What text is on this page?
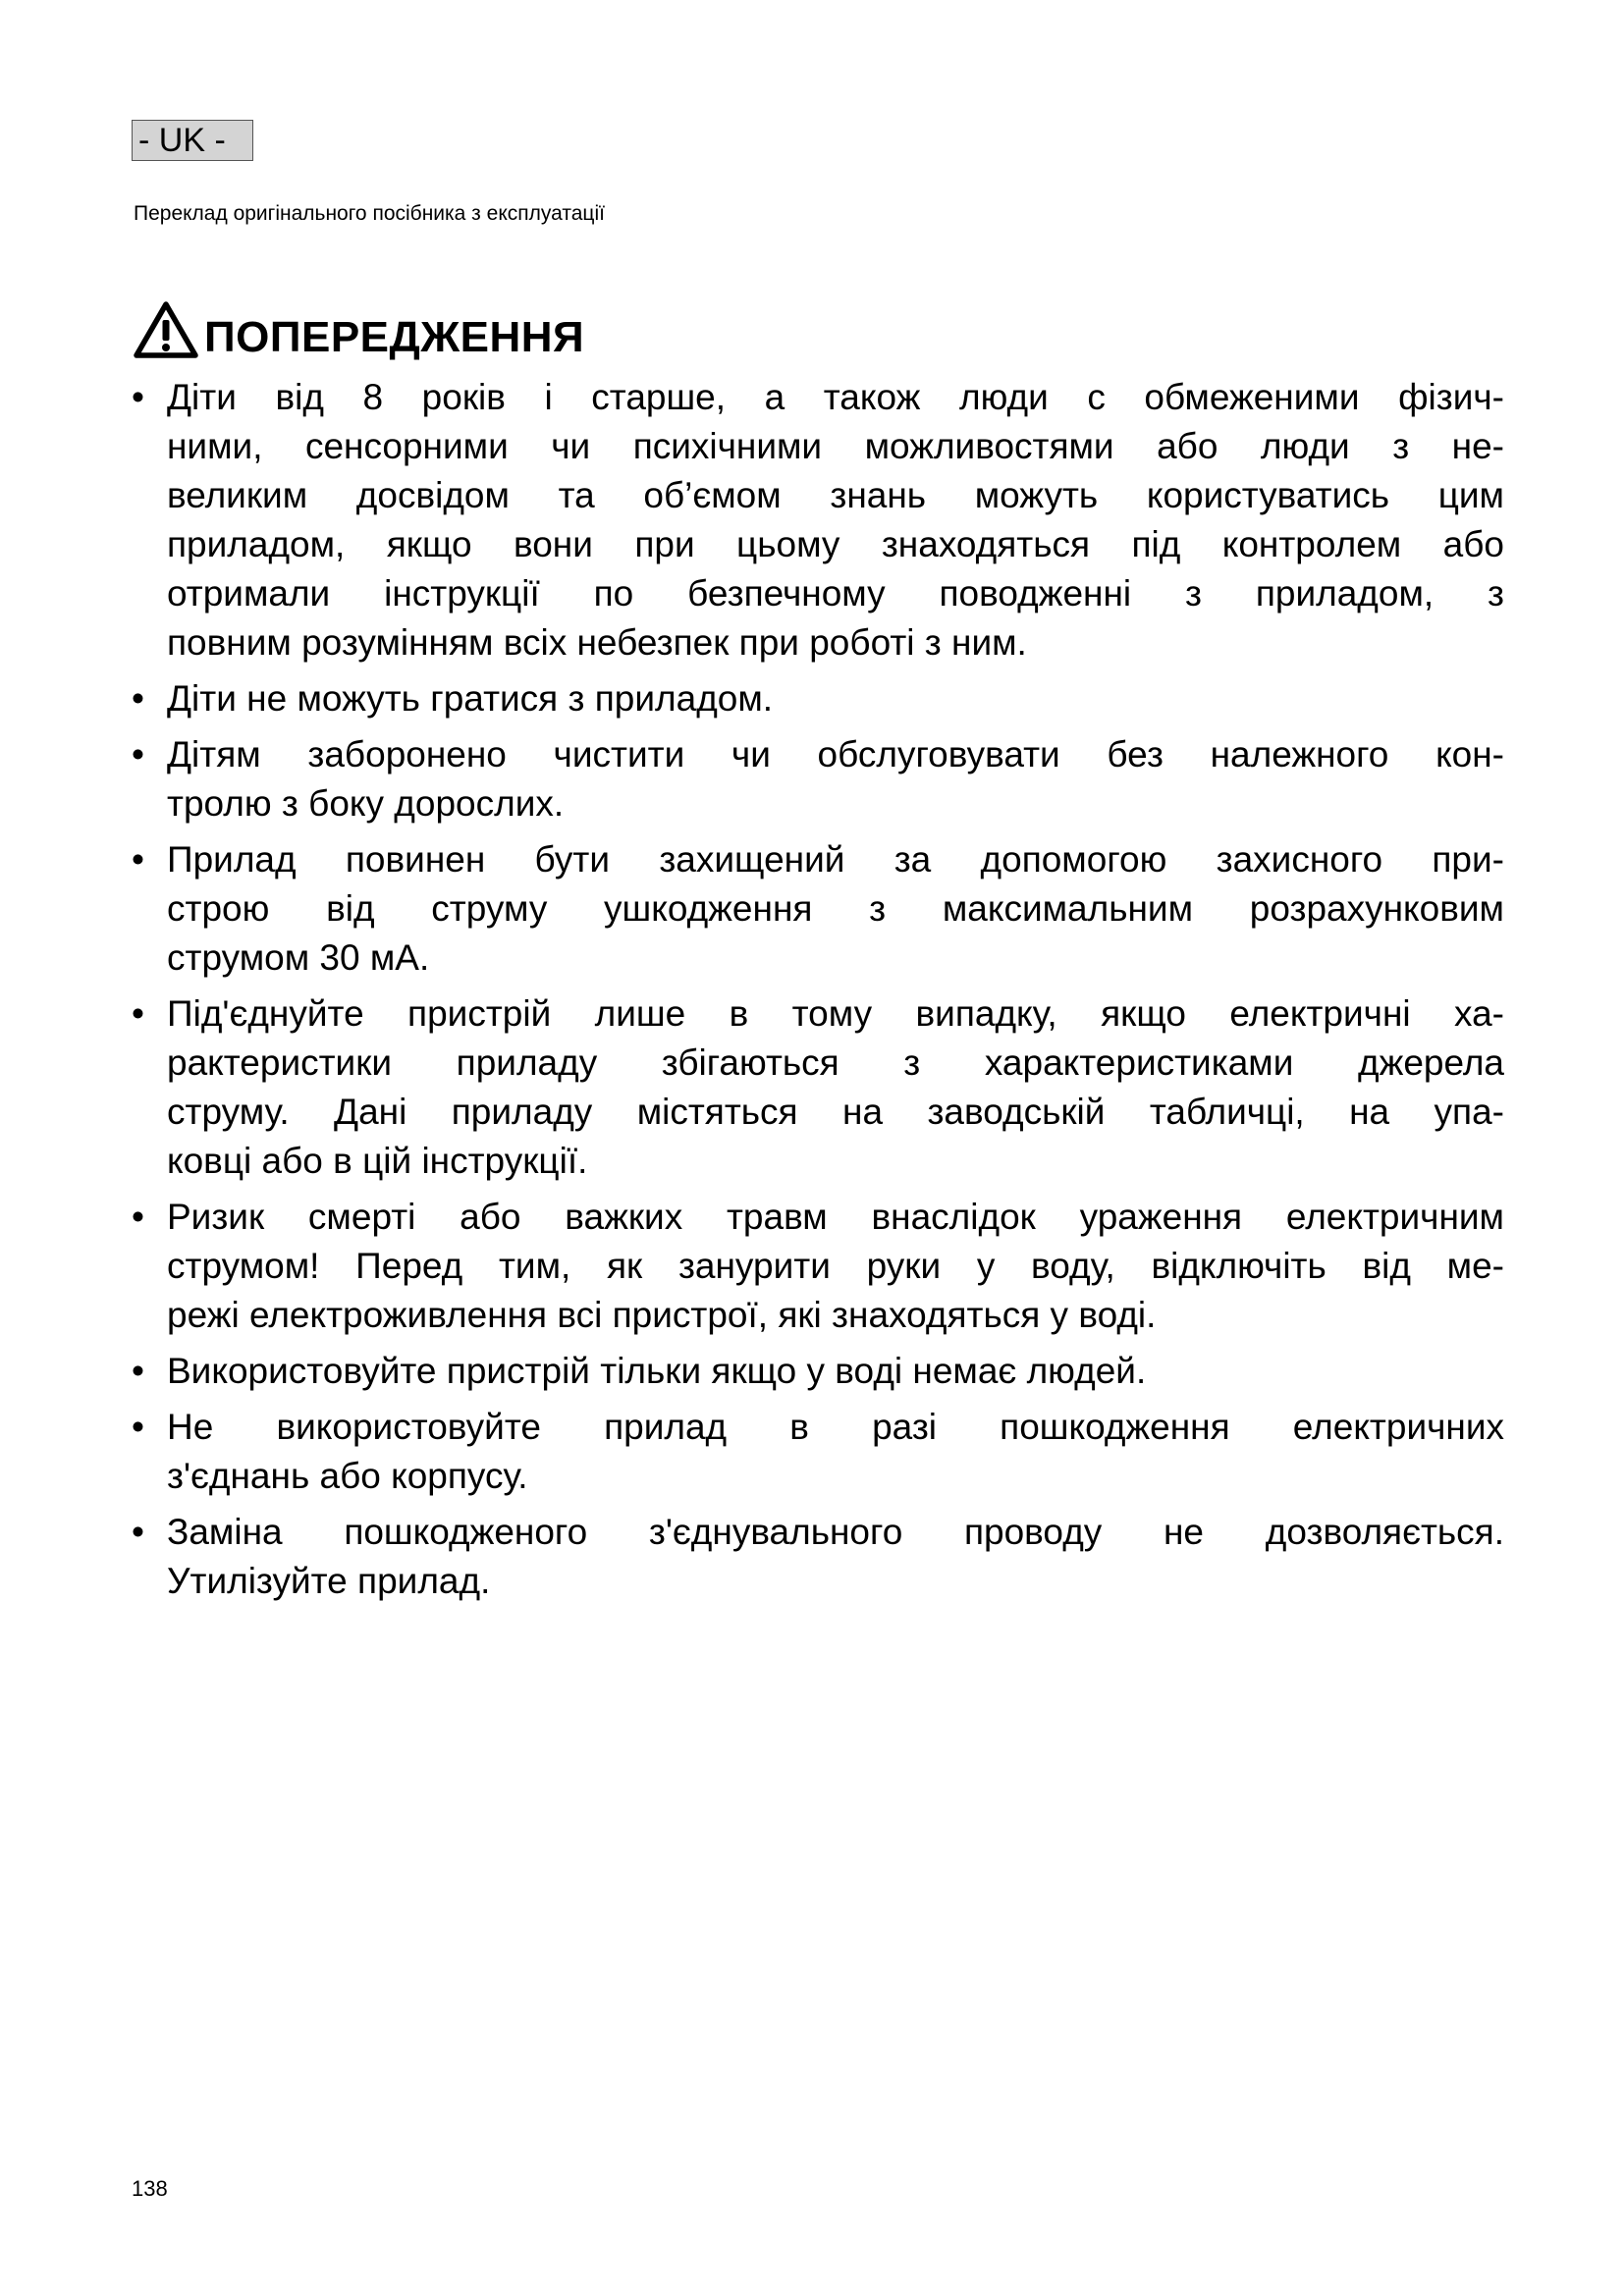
- UK -
Переклад оригінального посібника з експлуатації
ПОПЕРЕДЖЕННЯ
• Діти від 8 років і старше, а також люди с обмеженими фізич-
ними, сенсорними чи психічними можливостями або люди з не-
великим досвідом та об’ємом знань можуть користуватись цим
приладом, якщо вони при цьому знаходяться під контролем або
отримали інструкції по безпечному поводженні з приладом, з
повним розумінням всіх небезпек при роботі з ним.
• Діти не можуть гратися з приладом.
• Дітям заборонено чистити чи обслуговувати без належного кон-
тролю з боку дорослих.
• Прилад повинен бути захищений за допомогою захисного при-
строю від струму ушкодження з максимальним розрахунковим
струмом 30 мА.
• Під'єднуйте пристрій лише в тому випадку, якщо електричні ха-
рактеристики приладу збігаються з характеристиками джерела
струму. Дані приладу містяться на заводській табличці, на упа-
ковці або в цій інструкції.
• Ризик смерті або важких травм внаслідок ураження електричним
струмом! Перед тим, як занурити руки у воду, відключіть від ме-
режі електроживлення всі пристрої, які знаходяться у воді.
• Використовуйте пристрій тільки якщо у воді немає людей.
• Не використовуйте прилад в разі пошкодження електричних
з'єднань або корпусу.
• Заміна пошкодженого з'єднувального проводу не дозволяється.
Утилізуйте прилад.
138
